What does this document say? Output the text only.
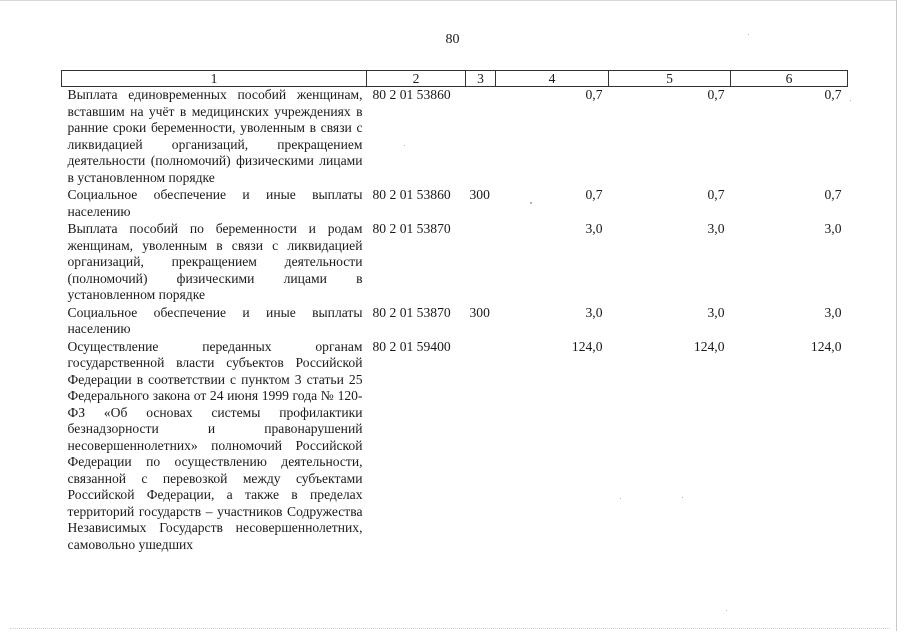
80
1	2	3	4	5	6
Выплата единовременных пособий женщинам, вставшим на учёт в медицинских учреждениях в ранние сроки беременности, уволенным в связи с ликвидацией организаций, прекращением деятельности (полномочий) физическими лицами в установленном порядке	80 2 01 53860		0,7	0,7	0,7
Социальное обеспечение и иные выплаты населению	80 2 01 53860	300	0,7	0,7	0,7
Выплата пособий по беременности и родам женщинам, уволенным в связи с ликвидацией организаций, прекращением деятельности (полномочий) физическими лицами в установленном порядке	80 2 01 53870		3,0	3,0	3,0
Социальное обеспечение и иные выплаты населению	80 2 01 53870	300	3,0	3,0	3,0
Осуществление переданных органам государственной власти субъектов Российской Федерации в соответствии с пунктом 3 статьи 25 Федерального закона от 24 июня 1999 года № 120-ФЗ «Об основах системы профилактики безнадзорности и правонарушений несовершеннолетних» полномочий Российской Федерации по осуществлению деятельности, связанной с перевозкой между субъектами Российской Федерации, а также в пределах территорий государств – участников Содружества Независимых Государств несовершеннолетних, самовольно ушедших	80 2 01 59400		124,0	124,0	124,0
